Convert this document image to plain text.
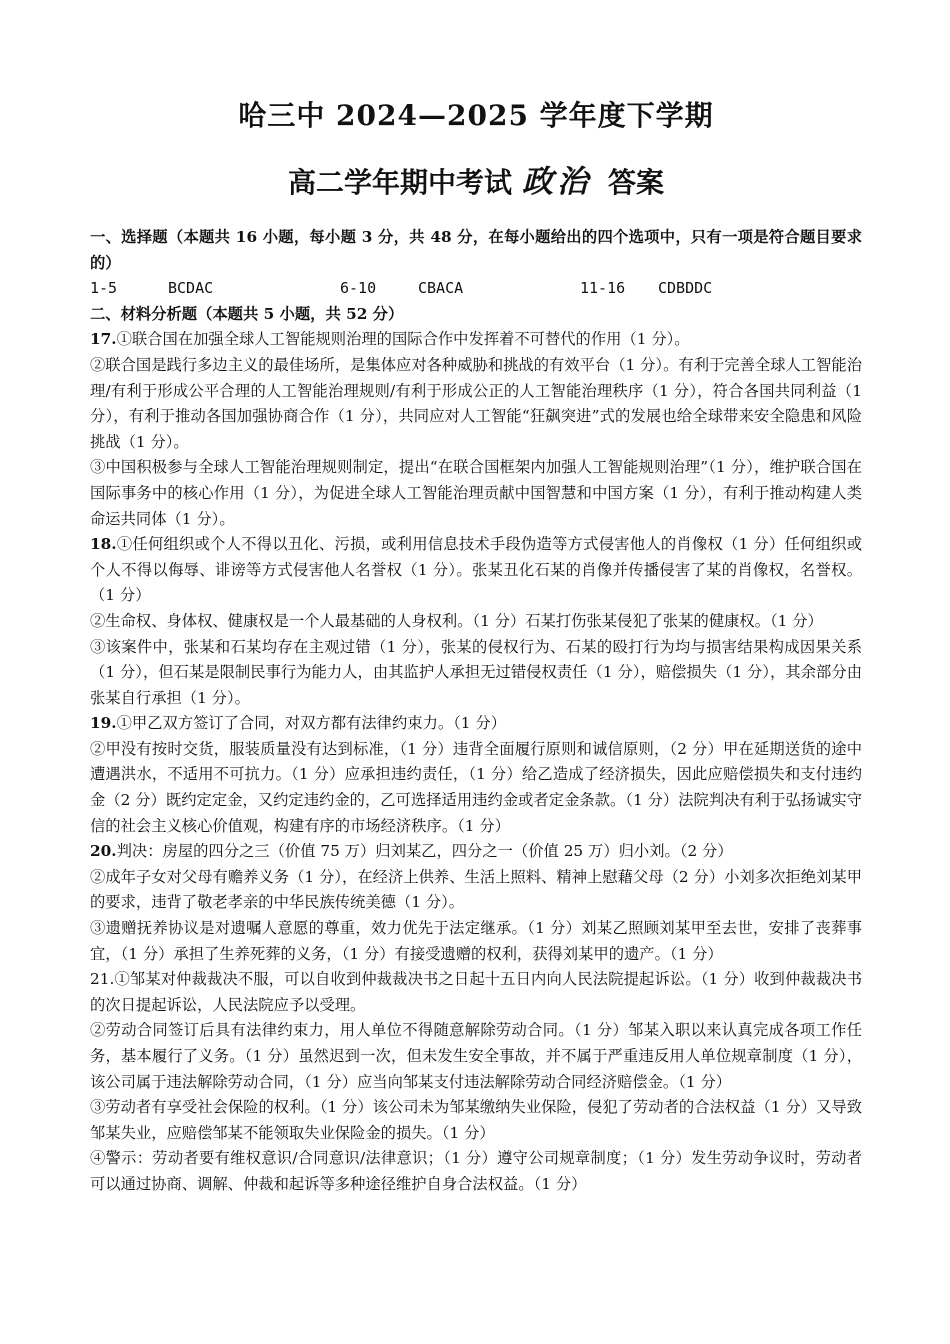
哈三中 2024—2025 学年度下学期
高二学年期中考试 政治 答案

一、选择题（本题共 16 小题，每小题 3 分，共 48 分，在每小题给出的四个选项中，只有一项是符合题目要求的）

1-5	BCDAC	6-10	CBACA	11-16	CDBDDC

二、材料分析题（本题共 5 小题，共 52 分）

17.①联合国在加强全球人工智能规则治理的国际合作中发挥着不可替代的作用（1 分）。

②联合国是践行多边主义的最佳场所，是集体应对各种威胁和挑战的有效平台（1 分）。有利于完善全球人工智能治理/有利于形成公平合理的人工智能治理规则/有利于形成公正的人工智能治理秩序（1 分），符合各国共同利益（1 分），有利于推动各国加强协商合作（1 分），共同应对人工智能“狂飙突进”式的发展也给全球带来安全隐患和风险挑战（1 分）。

③中国积极参与全球人工智能治理规则制定，提出“在联合国框架内加强人工智能规则治理”（1 分），维护联合国在国际事务中的核心作用（1 分），为促进全球人工智能治理贡献中国智慧和中国方案（1 分），有利于推动构建人类命运共同体（1 分）。

18.①任何组织或个人不得以丑化、污损，或利用信息技术手段伪造等方式侵害他人的肖像权（1 分）任何组织或个人不得以侮辱、诽谤等方式侵害他人名誉权（1 分）。张某丑化石某的肖像并传播侵害了某的肖像权，名誉权。（1 分）

②生命权、身体权、健康权是一个人最基础的人身权利。（1 分）石某打伤张某侵犯了张某的健康权。（1 分）

③该案件中，张某和石某均存在主观过错（1 分），张某的侵权行为、石某的殴打行为均与损害结果构成因果关系（1 分），但石某是限制民事行为能力人，由其监护人承担无过错侵权责任（1 分），赔偿损失（1 分），其余部分由张某自行承担（1 分）。

19.①甲乙双方签订了合同，对双方都有法律约束力。（1 分）

②甲没有按时交货，服装质量没有达到标准，（1 分）违背全面履行原则和诚信原则，（2 分）甲在延期送货的途中遭遇洪水，不适用不可抗力。（1 分）应承担违约责任，（1 分）给乙造成了经济损失，因此应赔偿损失和支付违约金（2 分）既约定定金，又约定违约金的，乙可选择适用违约金或者定金条款。（1 分）法院判决有利于弘扬诚实守信的社会主义核心价值观，构建有序的市场经济秩序。（1 分）

20.判决：房屋的四分之三（价值 75 万）归刘某乙，四分之一（价值 25 万）归小刘。（2 分）

②成年子女对父母有赡养义务（1 分），在经济上供养、生活上照料、精神上慰藉父母（2 分）小刘多次拒绝刘某甲的要求，违背了敬老孝亲的中华民族传统美德（1 分）。

③遗赠抚养协议是对遗嘱人意愿的尊重，效力优先于法定继承。（1 分）刘某乙照顾刘某甲至去世，安排了丧葬事宜，（1 分）承担了生养死葬的义务，（1 分）有接受遗赠的权利，获得刘某甲的遗产。（1 分）

21.①邹某对仲裁裁决不服，可以自收到仲裁裁决书之日起十五日内向人民法院提起诉讼。（1 分）收到仲裁裁决书的次日提起诉讼，人民法院应予以受理。

②劳动合同签订后具有法律约束力，用人单位不得随意解除劳动合同。（1 分）邹某入职以来认真完成各项工作任务，基本履行了义务。（1 分）虽然迟到一次，但未发生安全事故，并不属于严重违反用人单位规章制度（1 分），该公司属于违法解除劳动合同，（1 分）应当向邹某支付违法解除劳动合同经济赔偿金。（1 分）

③劳动者有享受社会保险的权利。（1 分）该公司未为邹某缴纳失业保险，侵犯了劳动者的合法权益（1 分）又导致邹某失业，应赔偿邹某不能领取失业保险金的损失。（1 分）

④警示：劳动者要有维权意识/合同意识/法律意识；（1 分）遵守公司规章制度；（1 分）发生劳动争议时，劳动者可以通过协商、调解、仲裁和起诉等多种途径维护自身合法权益。（1 分）
